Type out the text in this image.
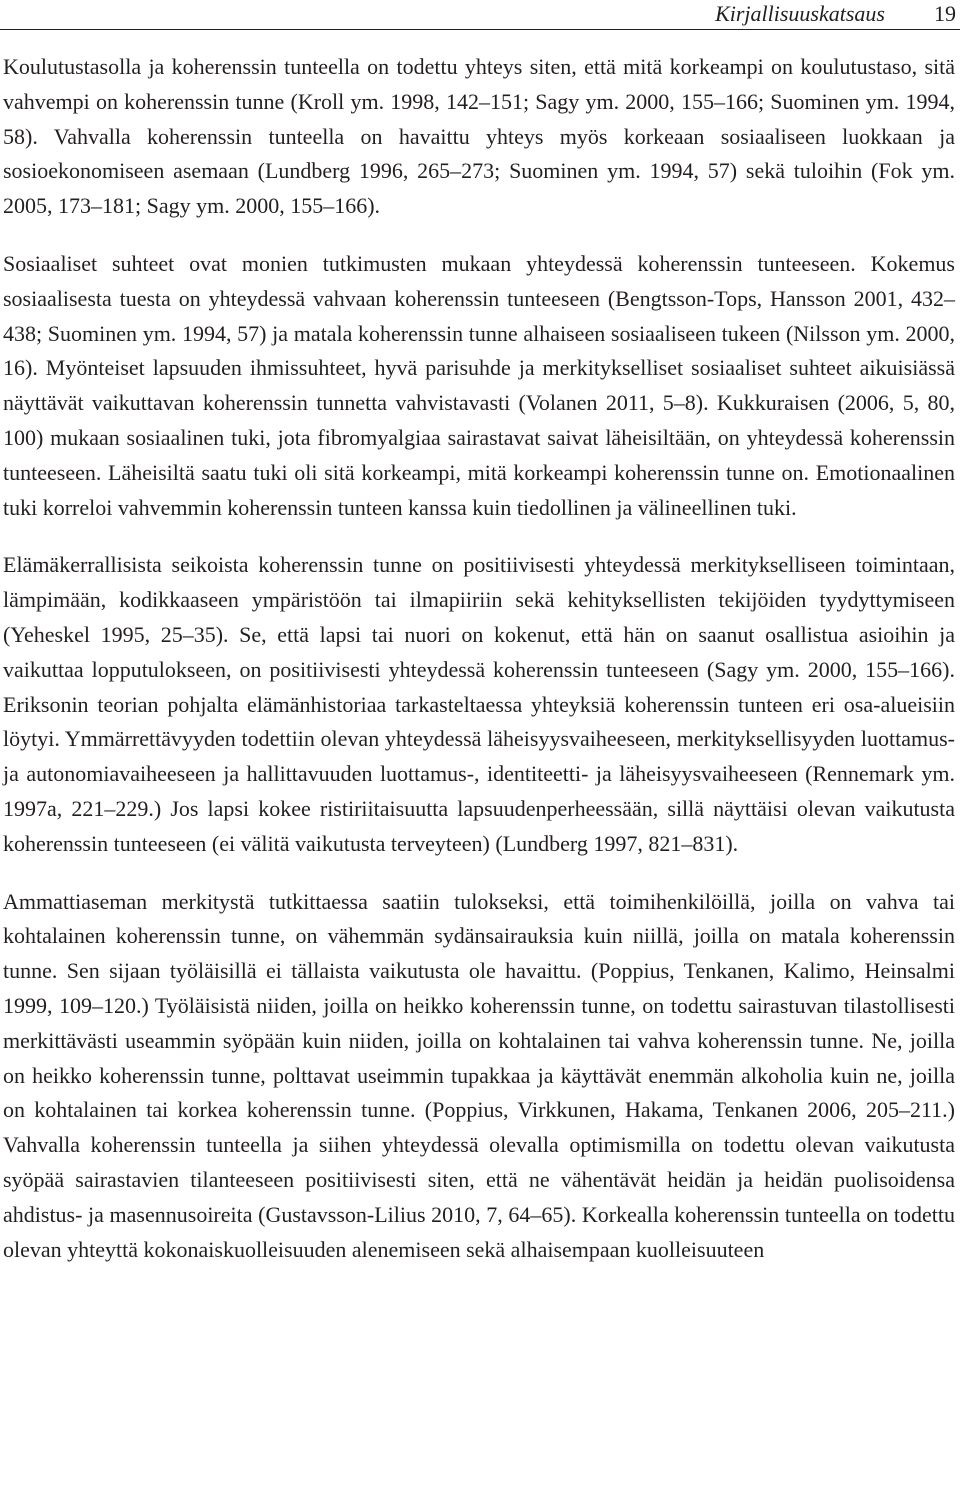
Kirjallisuuskatsaus 19

Koulutustasolla ja koherenssin tunteella on todettu yhteys siten, että mitä korkeampi on koulutustaso, sitä vahvempi on koherenssin tunne (Kroll ym. 1998, 142–151; Sagy ym. 2000, 155–166; Suominen ym. 1994, 58). Vahvalla koherenssin tunteella on havaittu yhteys myös korkeaan sosiaaliseen luokkaan ja sosioekonomiseen asemaan (Lundberg 1996, 265–273; Suominen ym. 1994, 57) sekä tuloihin (Fok ym. 2005, 173–181; Sagy ym. 2000, 155–166).

Sosiaaliset suhteet ovat monien tutkimusten mukaan yhteydessä koherenssin tunteeseen. Kokemus sosiaalisesta tuesta on yhteydessä vahvaan koherenssin tunteeseen (Bengtsson-Tops, Hansson 2001, 432–438; Suominen ym. 1994, 57) ja matala koherenssin tunne alhaiseen sosiaaliseen tukeen (Nilsson ym. 2000, 16). Myönteiset lapsuuden ihmissuhteet, hyvä parisuhde ja merkitykselliset sosiaaliset suhteet aikuisiässä näyttävät vaikuttavan koherenssin tunnetta vahvistavasti (Volanen 2011, 5–8). Kukkuraisen (2006, 5, 80, 100) mukaan sosiaalinen tuki, jota fibromyalgiaa sairastavat saivat läheisiltään, on yhteydessä koherenssin tunteeseen. Läheisiltä saatu tuki oli sitä korkeampi, mitä korkeampi koherenssin tunne on. Emotionaalinen tuki korreloi vahvemmin koherenssin tunteen kanssa kuin tiedollinen ja välineellinen tuki.

Elämäkerrallisista seikoista koherenssin tunne on positiivisesti yhteydessä merkitykselliseen toimintaan, lämpimään, kodikkaaseen ympäristöön tai ilmapiiriin sekä kehityksellisten tekijöiden tyydyttymiseen (Yeheskel 1995, 25–35). Se, että lapsi tai nuori on kokenut, että hän on saanut osallistua asioihin ja vaikuttaa lopputulokseen, on positiivisesti yhteydessä koherenssin tunteeseen (Sagy ym. 2000, 155–166). Eriksonin teorian pohjalta elämänhistoriaa tarkasteltaessa yhteyksiä koherenssin tunteen eri osa-alueisiin löytyi. Ymmärrettävyyden todettiin olevan yhteydessä läheisyysvaiheeseen, merkityksellisyyden luottamus- ja autonomiavaiheeseen ja hallittavuuden luottamus-, identiteetti- ja läheisyysvaiheeseen (Rennemark ym. 1997a, 221–229.) Jos lapsi kokee ristiriitaisuutta lapsuudenperheessään, sillä näyttäisi olevan vaikutusta koherenssin tunteeseen (ei välitä vaikutusta terveyteen) (Lundberg 1997, 821–831).

Ammattiaseman merkitystä tutkittaessa saatiin tulokseksi, että toimihenkilöillä, joilla on vahva tai kohtalainen koherenssin tunne, on vähemmän sydänsairauksia kuin niillä, joilla on matala koherenssin tunne. Sen sijaan työläisillä ei tällaista vaikutusta ole havaittu. (Poppius, Tenkanen, Kalimo, Heinsalmi 1999, 109–120.) Työläisistä niiden, joilla on heikko koherenssin tunne, on todettu sairastuvan tilastollisesti merkittävästi useammin syöpään kuin niiden, joilla on kohtalainen tai vahva koherenssin tunne. Ne, joilla on heikko koherenssin tunne, polttavat useimmin tupakkaa ja käyttävät enemmän alkoholia kuin ne, joilla on kohtalainen tai korkea koherenssin tunne. (Poppius, Virkkunen, Hakama, Tenkanen 2006, 205–211.) Vahvalla koherenssin tunteella ja siihen yhteydessä olevalla optimismilla on todettu olevan vaikutusta syöpää sairastavien tilanteeseen positiivisesti siten, että ne vähentävät heidän ja heidän puolisoidensa ahdistus- ja masennusoireita (Gustavsson-Lilius 2010, 7, 64–65). Korkealla koherenssin tunteella on todettu olevan yhteyttä kokonaiskuolleisuuden alenemiseen sekä alhaisempaan kuolleisuuteen
